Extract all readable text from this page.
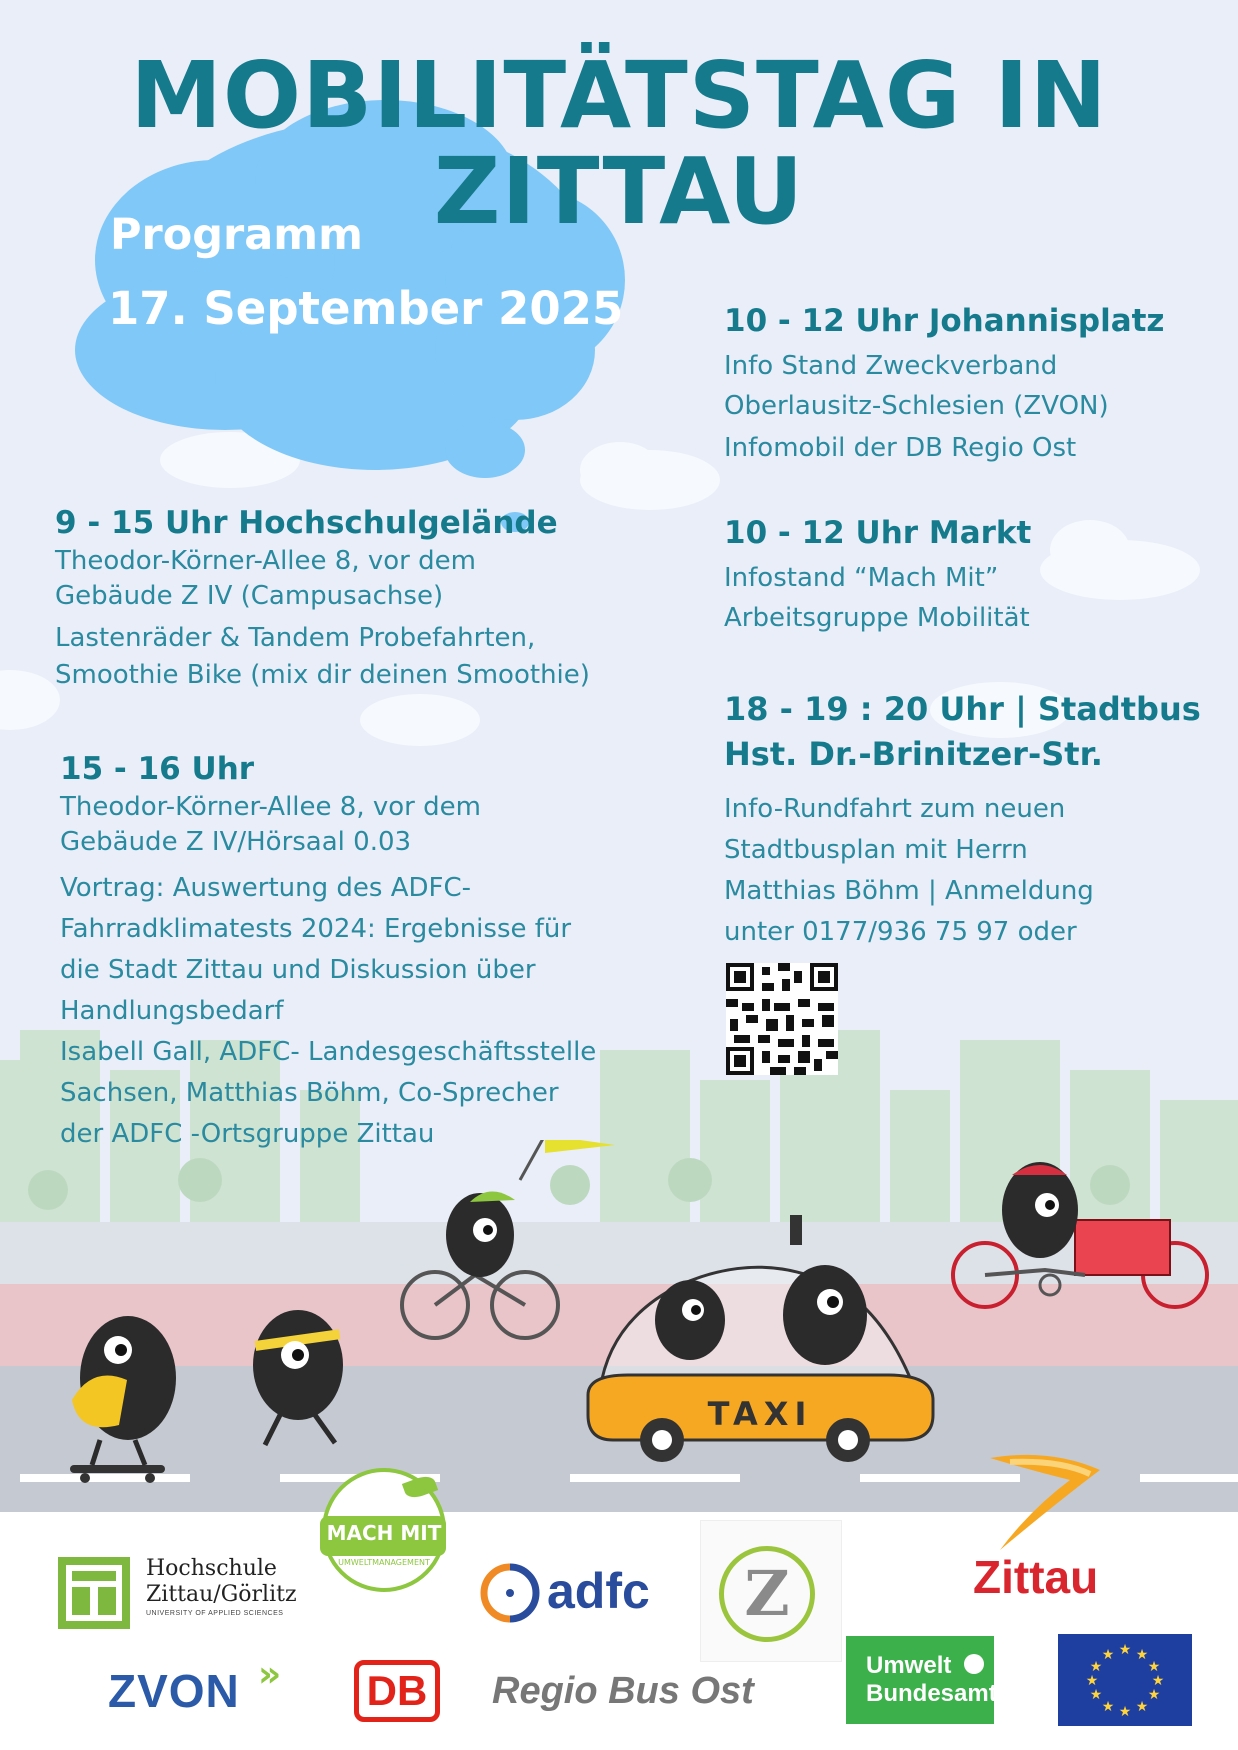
MOBILITÄTSTAG IN ZITTAU
Programm
17. September 2025
9 - 15 Uhr Hochschulgelände
Theodor-Körner-Allee 8, vor dem
Gebäude Z IV (Campusachse)
Lastenräder & Tandem Probefahrten,
Smoothie Bike (mix dir deinen Smoothie)
15 - 16 Uhr
Theodor-Körner-Allee 8, vor dem
Gebäude Z IV/Hörsaal 0.03
Vortrag: Auswertung des ADFC-
Fahrradklimatests 2024: Ergebnisse für
die Stadt Zittau und Diskussion über
Handlungsbedarf
Isabell Gall, ADFC- Landesgeschäftsstelle
Sachsen, Matthias Böhm, Co-Sprecher
der ADFC -Ortsgruppe Zittau
10 - 12 Uhr Johannisplatz
Info Stand Zweckverband
Oberlausitz-Schlesien (ZVON)
Infomobil der DB Regio Ost
10 - 12 Uhr Markt
Infostand “Mach Mit”
Arbeitsgruppe Mobilität
18 - 19 : 20 Uhr | Stadtbus
Hst. Dr.-Brinitzer-Str.
Info-Rundfahrt zum neuen
Stadtbusplan mit Herrn
Matthias Böhm | Anmeldung
unter 0177/936 75 97 oder
TAXI
Hochschule
Zittau/Görlitz
UNIVERSITY OF APPLIED SCIENCES
MACH MIT
UMWELTMANAGEMENT
adfc	Z	Zittau
ZVON »	DB	Regio Bus Ost
Umwelt
Bundesamt
★ ★
★
★
★
★
★
★
★
★
★
★
